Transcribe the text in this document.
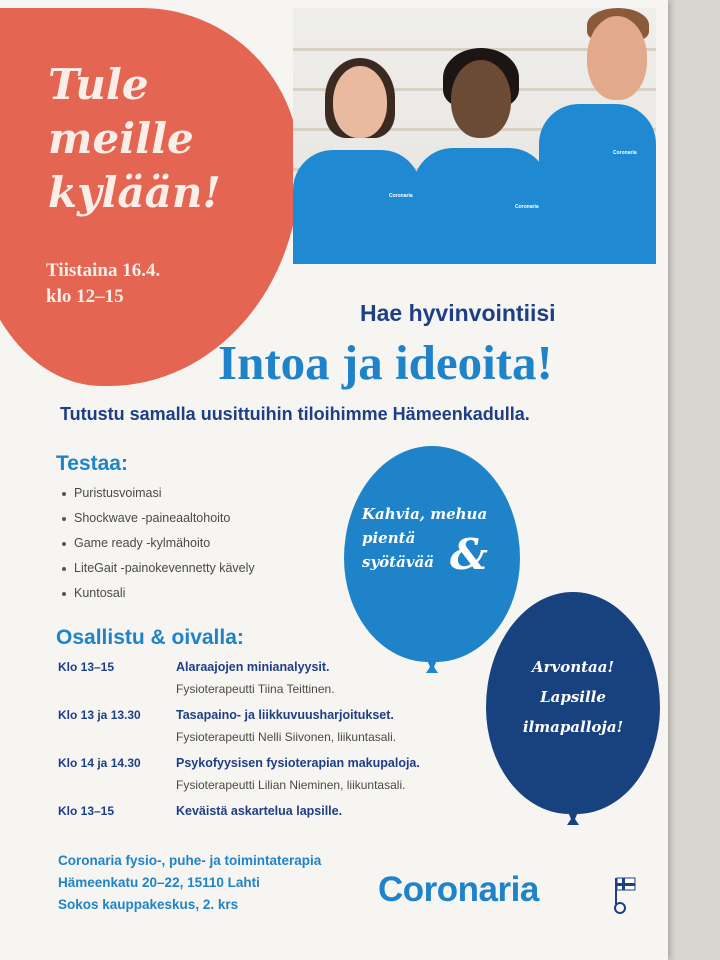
Tule
meille
kylään!
Tiistaina 16.4.
klo 12–15
Coronaria
Coronaria
Coronaria
Hae hyvinvointiisi
Intoa ja ideoita!
Tutustu samalla uusittuihin tiloihimme Hämeenkadulla.
Testaa:
Puristusvoimasi
Shockwave -paineaaltohoito
Game ready -kylmähoito
LiteGait -painokevennetty kävely
Kuntosali
Osallistu & oivalla:
Klo 13–15	Alaraajojen minianalyysit.
Fysioterapeutti Tiina Teittinen.
Klo 13 ja 13.30	Tasapaino- ja liikkuvuusharjoitukset.
Fysioterapeutti Nelli Siivonen, liikuntasali.
Klo 14 ja 14.30	Psykofyysisen fysioterapian makupaloja.
Fysioterapeutti Lilian Nieminen, liikuntasali.
Klo 13–15	Keväistä askartelua lapsille.
Kahvia, mehua
pientä
syötävää &
Arvontaa!
Lapsille
ilmapalloja!
Coronaria fysio-, puhe- ja toimintaterapia
Hämeenkatu 20–22, 15110 Lahti
Sokos kauppakeskus, 2. krs	Coronaria
